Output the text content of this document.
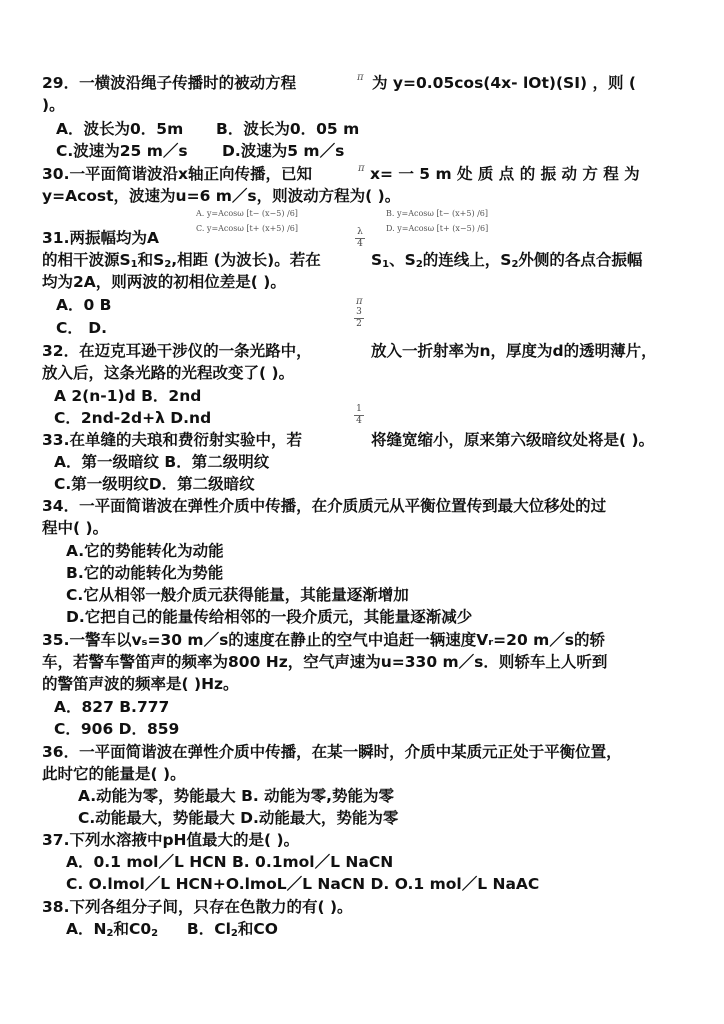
29．一横波沿绳子传播时的被动方程	π 为 y=0.05cos(4x- lOt)(SI) ，则 (
)。
A．波长为0．5m B．波长为0．05 m
C.波速为25 m／s D.波速为5 m／s
30.一平面简谐波沿x轴正向传播，已知	π x= 一 5 m 处 质 点 的 振 动 方 程 为
y=Acost，波速为u=6 m／s，则波动方程为( )。
A. y=Acosω [t− (x−5) /6]	B. y=Acosω [t− (x+5) /6]
C. y=Acosω [t+ (x+5) /6]	D. y=Acosω [t+ (x−5) /6]
31.两振幅均为A	λ
4
的相干波源$S_1$和$S_2$,相距 (为波长)。若在	$S_1$、$S_2$的连线上，$S_2$外侧的各点合振幅
均为2A，则两波的初相位差是( )。
A．0 B	π
C． D.
3
2
32．在迈克耳逊干涉仪的一条光路中，	放入一折射率为n，厚度为d的透明薄片，
放入后，这条光路的光程改变了( )。
A 2(n-1)d B．2nd
C．2nd-2d+λ D.nd	1
4
33.在单缝的夫琅和费衍射实验中，若	将缝宽缩小，原来第六级暗纹处将是( )。
A．第一级暗纹 B．第二级明纹
C.第一级明纹D．第二级暗纹
34．一平面简谐波在弹性介质中传播，在介质质元从平衡位置传到最大位移处的过
程中( )。
A.它的势能转化为动能
B.它的动能转化为势能
C.它从相邻一般介质元获得能量，其能量逐渐增加
D.它把自己的能量传给相邻的一段介质元，其能量逐渐减少
35.一警车以vₛ=30 m／s的速度在静止的空气中追赶一辆速度Vᵣ=20 m／s的轿
车，若警车警笛声的频率为800 Hz，空气声速为u=330 m／s．则轿车上人听到
的警笛声波的频率是( )Hz。
A．827 B.777
C．906 D．859
36．一平面简谐波在弹性介质中传播，在某一瞬时，介质中某质元正处于平衡位置，
此时它的能量是( )。
A.动能为零，势能最大 B. 动能为零,势能为零
C.动能最大，势能最大 D.动能最大，势能为零
37.下列水溶掖中pH值最大的是( )。
A．0.1 mol／L HCN B. 0.1mol／L NaCN
C. O.lmol／L HCN+O.lmoL／L NaCN D. O.1 mol／L NaAC
38.下列各组分子间，只存在色散力的有( )。
A．$N_2$和$C0_2$ B．$Cl_2$和CO
